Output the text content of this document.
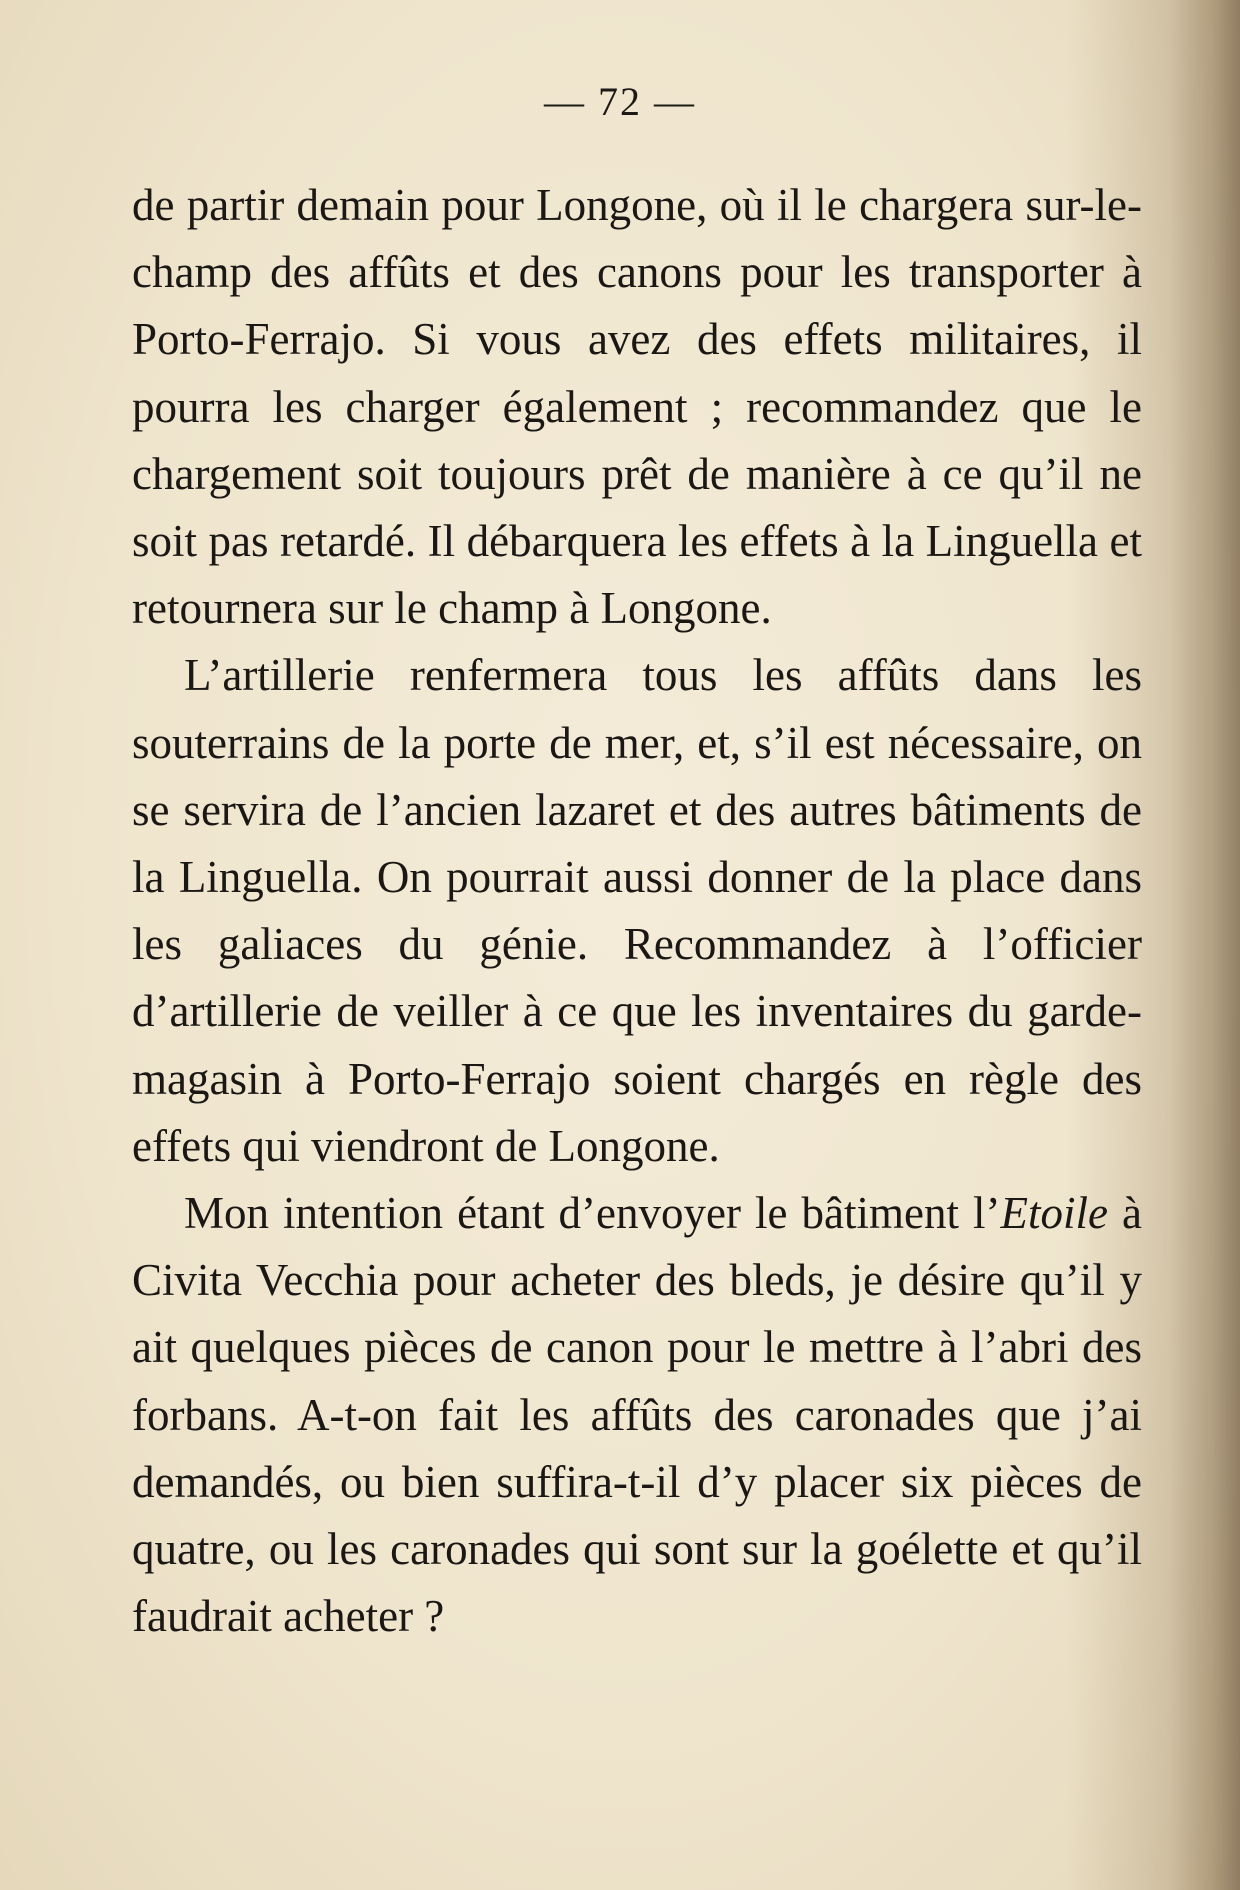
— 72 —

de partir demain pour Longone, où il le chargera sur-le-champ des affûts et des canons pour les transporter à Porto-Ferrajo. Si vous avez des effets militaires, il pourra les charger également ; recommandez que le chargement soit toujours prêt de manière à ce qu’il ne soit pas retardé. Il débarquera les effets à la Linguella et retournera sur le champ à Longone.

L’artillerie renfermera tous les affûts dans les souterrains de la porte de mer, et, s’il est nécessaire, on se servira de l’ancien lazaret et des autres bâtiments de la Linguella. On pourrait aussi donner de la place dans les galiaces du génie. Recommandez à l’officier d’artillerie de veiller à ce que les inventaires du garde-magasin à Porto-Ferrajo soient chargés en règle des effets qui viendront de Longone.

Mon intention étant d’envoyer le bâtiment l’Etoile à Civita Vecchia pour acheter des bleds, je désire qu’il y ait quelques pièces de canon pour le mettre à l’abri des forbans. A-t-on fait les affûts des caronades que j’ai demandés, ou bien suffira-t-il d’y placer six pièces de quatre, ou les caronades qui sont sur la goélette et qu’il faudrait acheter ?
